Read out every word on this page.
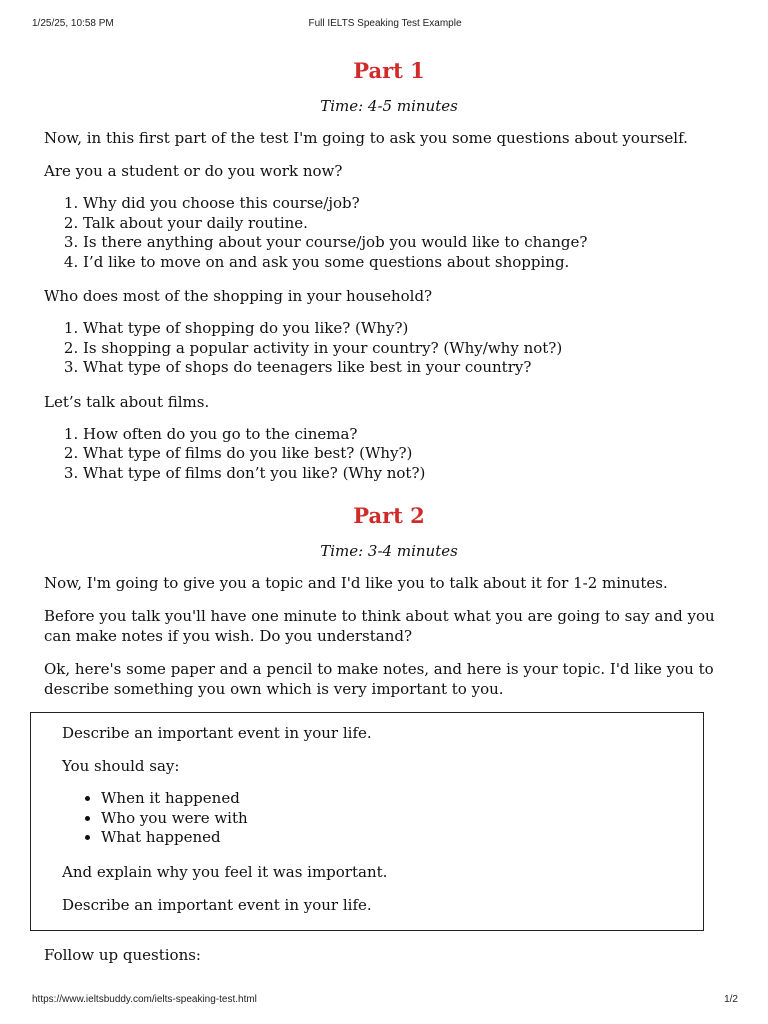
1/25/25, 10:58 PM	Full IELTS Speaking Test Example
Part 1
Time: 4-5 minutes

Now, in this first part of the test I'm going to ask you some questions about yourself.

Are you a student or do you work now?

1. Why did you choose this course/job?
2. Talk about your daily routine.
3. Is there anything about your course/job you would like to change?
4. I’d like to move on and ask you some questions about shopping.

Who does most of the shopping in your household?

1. What type of shopping do you like? (Why?)
2. Is shopping a popular activity in your country? (Why/why not?)
3. What type of shops do teenagers like best in your country?

Let’s talk about films.

1. How often do you go to the cinema?
2. What type of films do you like best? (Why?)
3. What type of films don’t you like? (Why not?)
Part 2
Time: 3-4 minutes

Now, I'm going to give you a topic and I'd like you to talk about it for 1-2 minutes.

Before you talk you'll have one minute to think about what you are going to say and you can make notes if you wish. Do you understand?

Ok, here's some paper and a pencil to make notes, and here is your topic. I'd like you to describe something you own which is very important to you.

Describe an important event in your life.

You should say:

• When it happened
• Who you were with
• What happened

And explain why you feel it was important.

Describe an important event in your life.

Follow up questions:

https://www.ieltsbuddy.com/ielts-speaking-test.html	1/2
